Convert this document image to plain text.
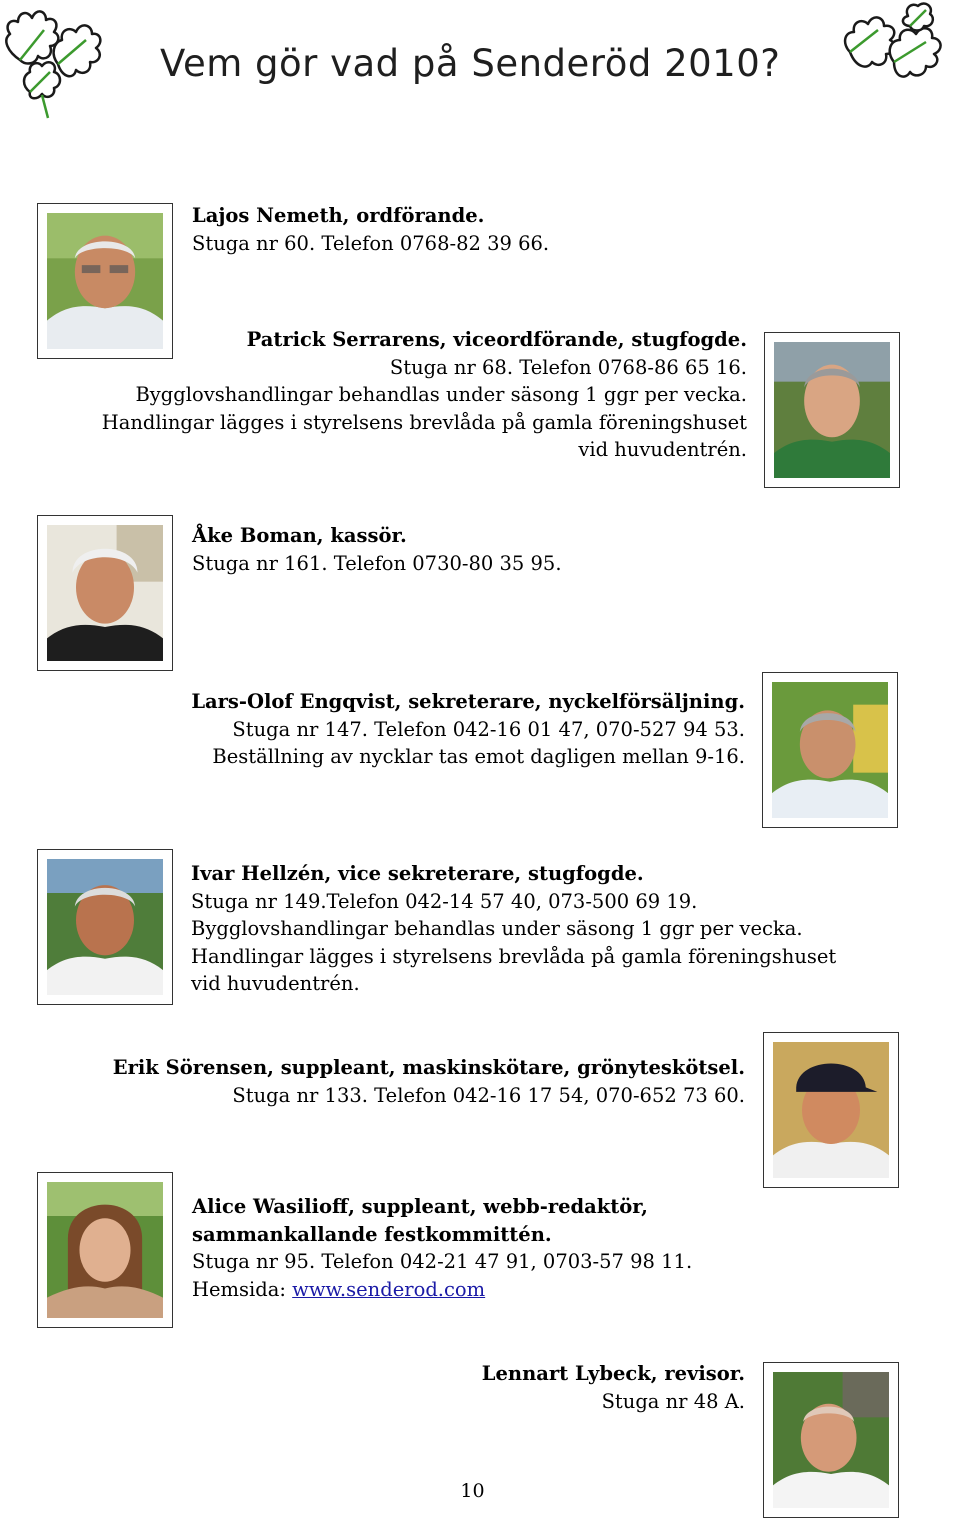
Vem gör vad på Senderöd 2010?
Lajos Nemeth, ordförande.
Stuga nr 60. Telefon 0768-82 39 66.
Patrick Serrarens, viceordförande, stugfogde.
Stuga nr 68. Telefon 0768-86 65 16.
Bygglovshandlingar behandlas under säsong 1 ggr per vecka.
Handlingar lägges i styrelsens brevlåda på gamla föreningshuset
vid huvudentrén.
Åke Boman, kassör.
Stuga nr 161. Telefon 0730-80 35 95.
Lars-Olof Engqvist, sekreterare, nyckelförsäljning.
Stuga nr 147. Telefon 042-16 01 47, 070-527 94 53.
Beställning av nycklar tas emot dagligen mellan 9-16.
Ivar Hellzén, vice sekreterare, stugfogde.
Stuga nr 149.Telefon 042-14 57 40, 073-500 69 19.
Bygglovshandlingar behandlas under säsong 1 ggr per vecka.
Handlingar lägges i styrelsens brevlåda på gamla föreningshuset
vid huvudentrén.
Erik Sörensen, suppleant, maskinskötare, grönyteskötsel.
Stuga nr 133. Telefon 042-16 17 54, 070-652 73 60.
Alice Wasilioff, suppleant, webb-redaktör,
sammankallande festkommittén.
Stuga nr 95. Telefon 042-21 47 91, 0703-57 98 11.
Hemsida: www.senderod.com
Lennart Lybeck, revisor.
Stuga nr 48 A.
10
